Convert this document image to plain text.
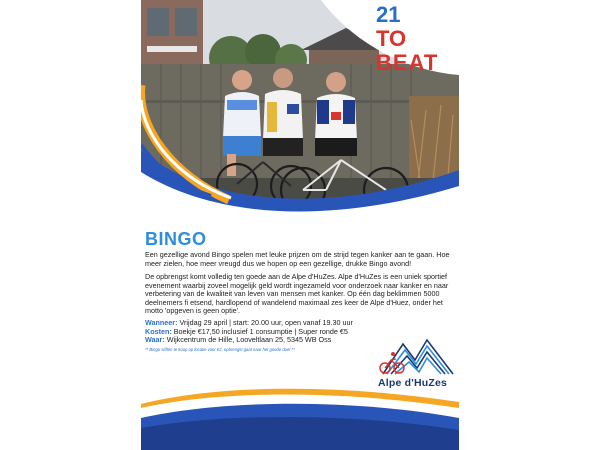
21
TO
BEAT
BINGO
Een gezellige avond Bingo spelen met leuke prijzen om de strijd tegen kanker aan te gaan. Hoe meer zielen, hoe meer vreugd dus we hopen op een gezellige, drukke Bingo avond!
De opbrengst komt volledig ten goede aan de Alpe d'HuZes. Alpe d'HuZes is een uniek sportief evenement waarbij zoveel mogelijk geld wordt ingezameld voor onderzoek naar kanker en naar verbetering van de kwaliteit van leven van mensen met kanker. Op één dag beklimmen 5000 deelnemers fi etsend, hardlopend of wandelend maximaal zes keer de Alpe d'Huez, onder het motto 'opgeven is geen optie'.
Wanneer: Vrijdag 29 april | start: 20.00 uur, open vanaf 19.30 uur
Kosten: Boekje €17,50 inclusief 1 consumptie | Super ronde €5
Waar: Wijkcentrum de Hille, Looveltlaan 25, 5345 WB Oss
** Bingo stiften te koop op locatie voor €2, opbrengst gaat naar het goede doel **
Alpe d'HuZes
